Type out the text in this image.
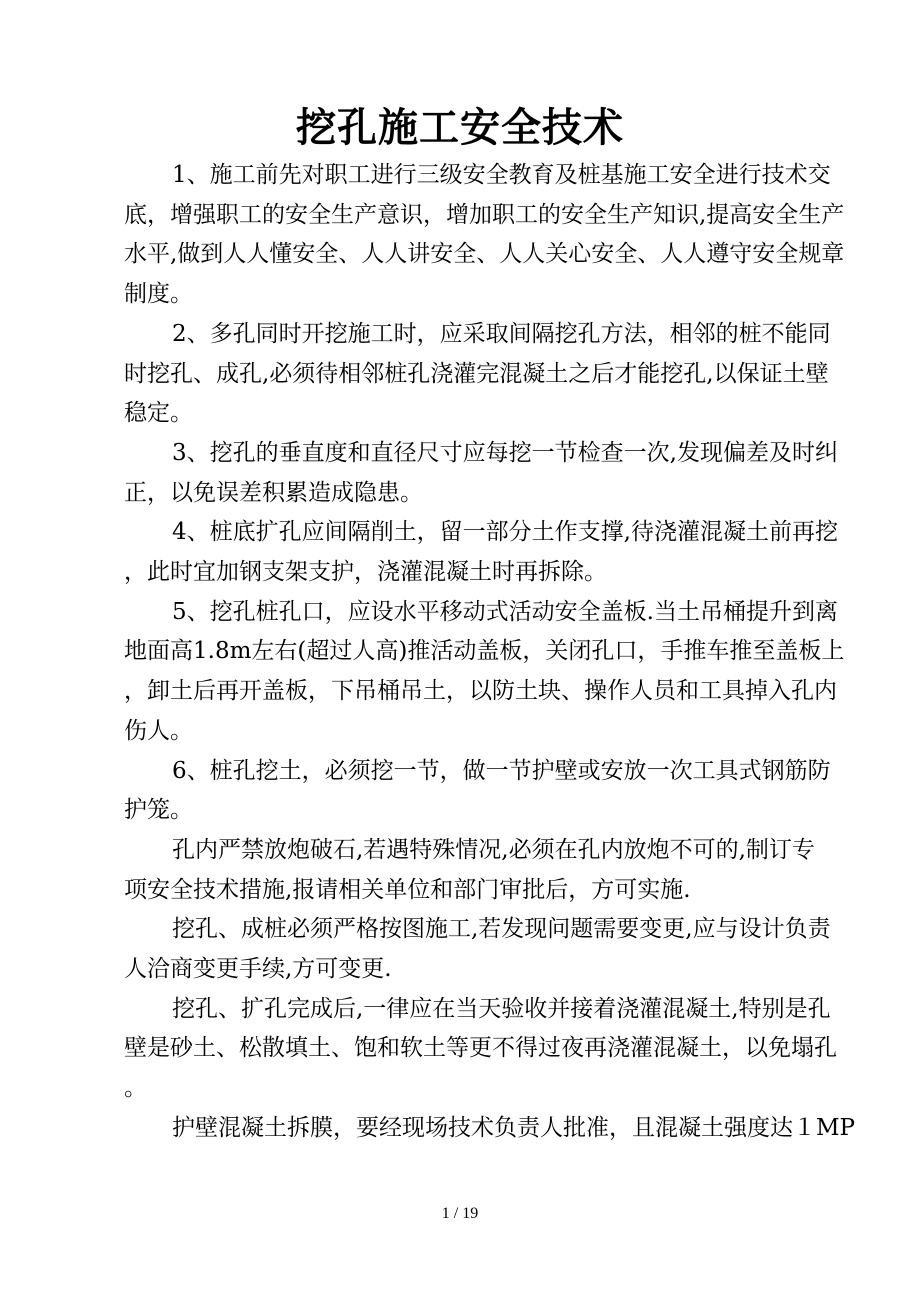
挖孔施工安全技术
1、施工前先对职工进行三级安全教育及桩基施工安全进行技术交
底，增强职工的安全生产意识，增加职工的安全生产知识,提高安全生产
水平,做到人人懂安全、人人讲安全、人人关心安全、人人遵守安全规章
制度。
2、多孔同时开挖施工时，应采取间隔挖孔方法，相邻的桩不能同
时挖孔、成孔,必须待相邻桩孔浇灌完混凝土之后才能挖孔,以保证土壁
稳定。
3、挖孔的垂直度和直径尺寸应每挖一节检查一次,发现偏差及时纠
正，以免误差积累造成隐患。
4、桩底扩孔应间隔削土，留一部分土作支撑,待浇灌混凝土前再挖
，此时宜加钢支架支护，浇灌混凝土时再拆除。
5、挖孔桩孔口，应设水平移动式活动安全盖板.当土吊桶提升到离
地面高1.8m左右(超过人高)推活动盖板，关闭孔口，手推车推至盖板上
，卸土后再开盖板，下吊桶吊土，以防土块、操作人员和工具掉入孔内
伤人。
6、桩孔挖土，必须挖一节，做一节护壁或安放一次工具式钢筋防
护笼。
孔内严禁放炮破石,若遇特殊情况,必须在孔内放炮不可的,制订专
项安全技术措施,报请相关单位和部门审批后，方可实施.
挖孔、成桩必须严格按图施工,若发现问题需要变更,应与设计负责
人洽商变更手续,方可变更.
挖孔、扩孔完成后,一律应在当天验收并接着浇灌混凝土,特别是孔
壁是砂土、松散填土、饱和软土等更不得过夜再浇灌混凝土，以免塌孔
。
护壁混凝土拆膜，要经现场技术负责人批准，且混凝土强度达１MP
1 / 19
